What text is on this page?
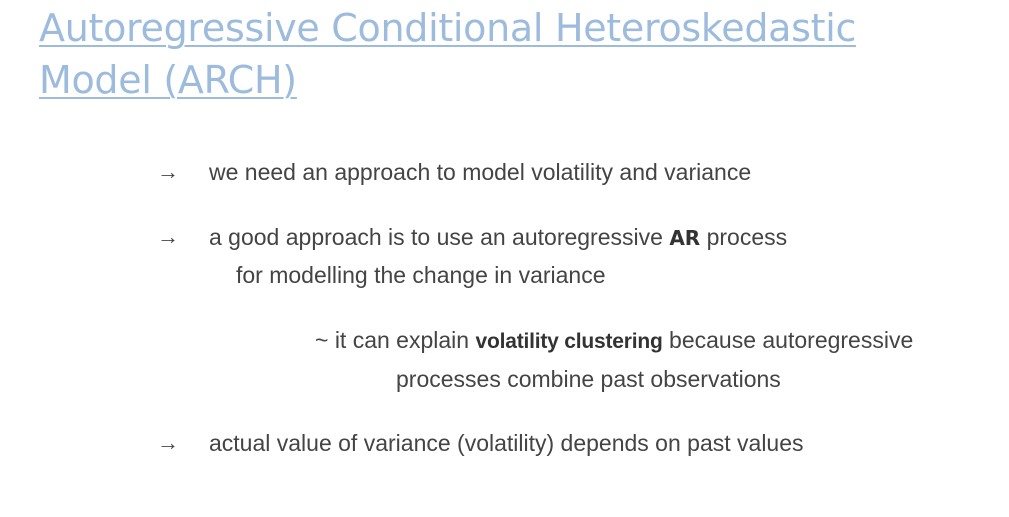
Autoregressive Conditional Heteroskedastic
Model (ARCH)
→ we need an approach to model volatility and variance
→ a good approach is to use an autoregressive AR process
for modelling the change in variance
~ it can explain volatility clustering because autoregressive
processes combine past observations
→ actual value of variance (volatility) depends on past values
